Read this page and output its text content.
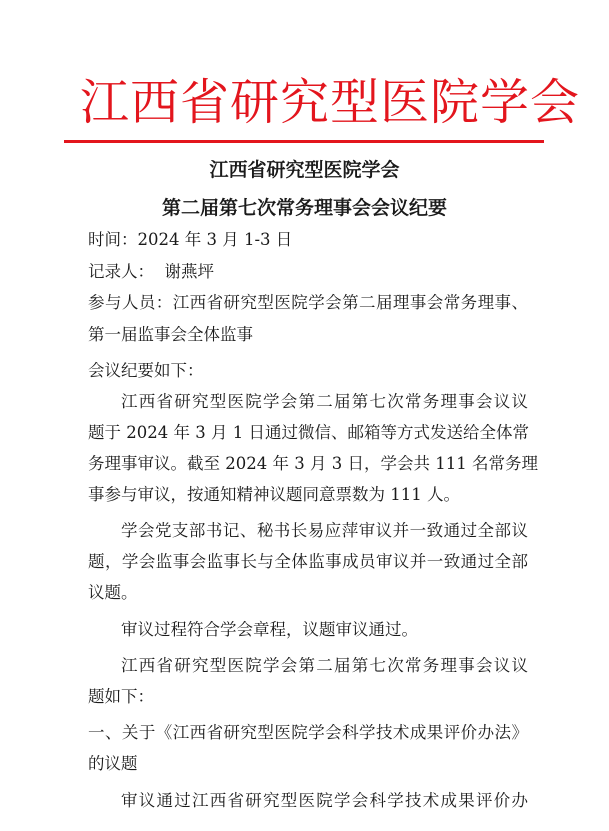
江西省研究型医院学会
江西省研究型医院学会
第二届第七次常务理事会会议纪要
时间：2024 年 3 月 1-3 日
记录人：  谢燕坪
参与人员：江西省研究型医院学会第二届理事会常务理事、
第一届监事会全体监事
会议纪要如下：
江西省研究型医院学会第二届第七次常务理事会议议
题于 2024 年 3 月 1 日通过微信、邮箱等方式发送给全体常
务理事审议。截至 2024 年 3 月 3 日，学会共 111 名常务理
事参与审议，按通知精神议题同意票数为 111 人。
学会党支部书记、秘书长易应萍审议并一致通过全部议
题，学会监事会监事长与全体监事成员审议并一致通过全部
议题。
审议过程符合学会章程，议题审议通过。
江西省研究型医院学会第二届第七次常务理事会议议
题如下：
一、关于《江西省研究型医院学会科学技术成果评价办法》
的议题
审议通过江西省研究型医院学会科学技术成果评价办
